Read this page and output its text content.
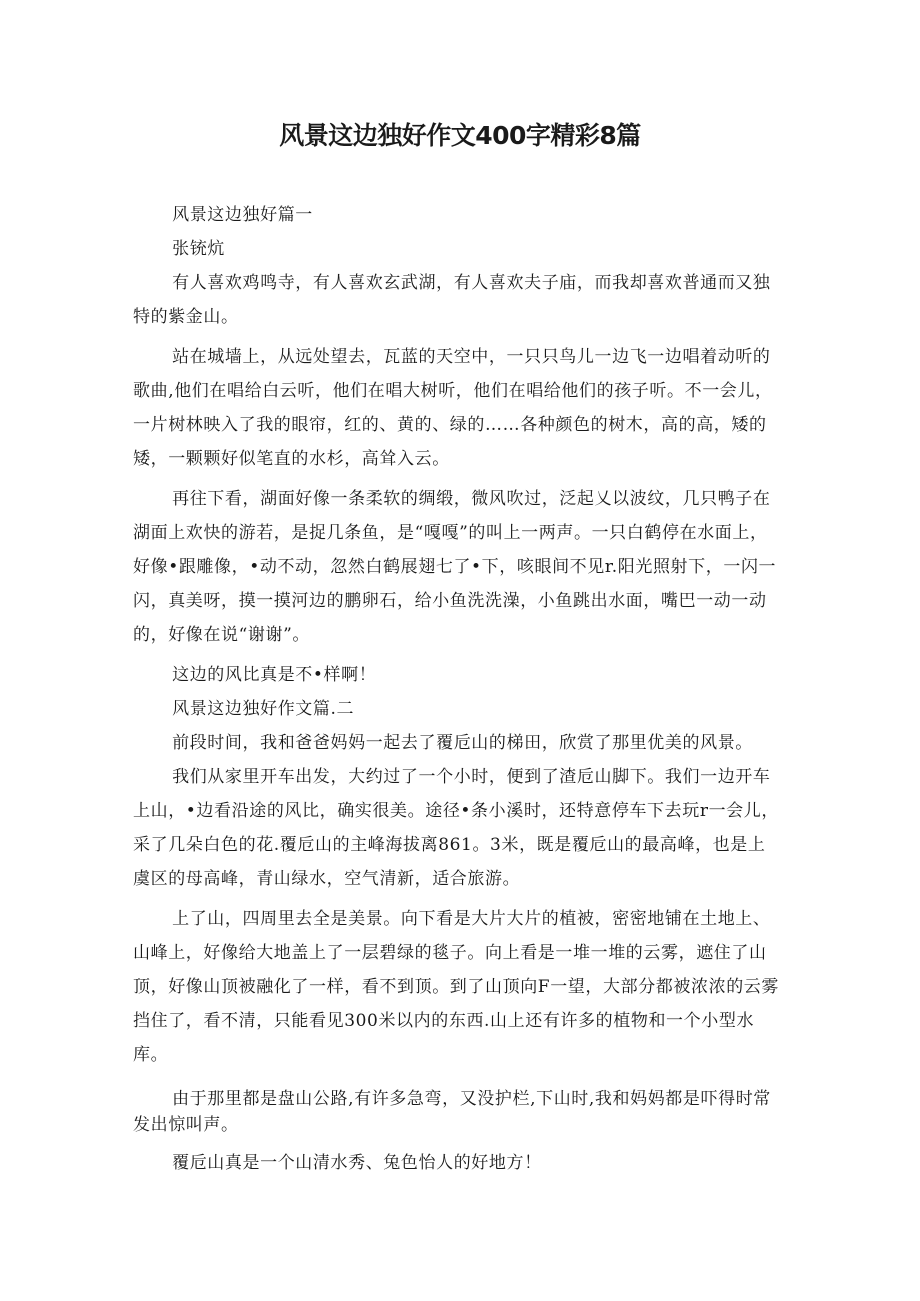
风景这边独好作文400字精彩8篇

风景这边独好篇一

张铳炕

有人喜欢鸡鸣寺，有人喜欢玄武湖，有人喜欢夫子庙，而我却喜欢普通而又独特的紫金山。

站在城墙上，从远处望去，瓦蓝的天空中，一只只鸟儿一边飞一边唱着动听的歌曲,他们在唱给白云听，他们在唱大树听，他们在唱给他们的孩子听。不一会儿，一片树林映入了我的眼帘，红的、黄的、绿的……各种颜色的树木，高的高，矮的矮，一颗颗好似笔直的水杉，高耸入云。

再往下看，湖面好像一条柔软的绸缎，微风吹过，泛起乂以波纹，几只鸭子在湖面上欢快的游若，是捉几条鱼，是“嘎嘎”的叫上一两声。一只白鹤停在水面上，好像•跟雕像，•动不动，忽然白鹤展翅七了•下，咳眼间不见r.阳光照射下，一闪一闪，真美呀，摸一摸河边的鹏卵石，给小鱼洗洗澡，小鱼跳出水面，嘴巴一动一动的，好像在说“谢谢”。

这边的风比真是不•样啊！

风景这边独好作文篇.二

前段时间，我和爸爸妈妈一起去了覆卮山的梯田，欣赏了那里优美的风景。

我们从家里开车出发，大约过了一个小时，便到了渣卮山脚下。我们一边开车上山，•边看沿途的风比，确实很美。途径•条小溪时，还特意停车下去玩r一会儿，采了几朵白色的花.覆卮山的主峰海拔离861。3米，既是覆卮山的最高峰，也是上虞区的母高峰，青山绿水，空气清新，适合旅游。

上了山，四周里去全是美景。向下看是大片大片的植被，密密地铺在土地上、山峰上，好像给大地盖上了一层碧绿的毯子。向上看是一堆一堆的云雾，遮住了山顶，好像山顶被融化了一样，看不到顶。到了山顶向F一望，大部分都被浓浓的云雾挡住了，看不清，只能看见300米以内的东西.山上还有许多的植物和一个小型水库。

由于那里都是盘山公路,有许多急弯，又没护栏,下山时,我和妈妈都是吓得时常发出惊叫声。

覆卮山真是一个山清水秀、兔色怡人的好地方！
